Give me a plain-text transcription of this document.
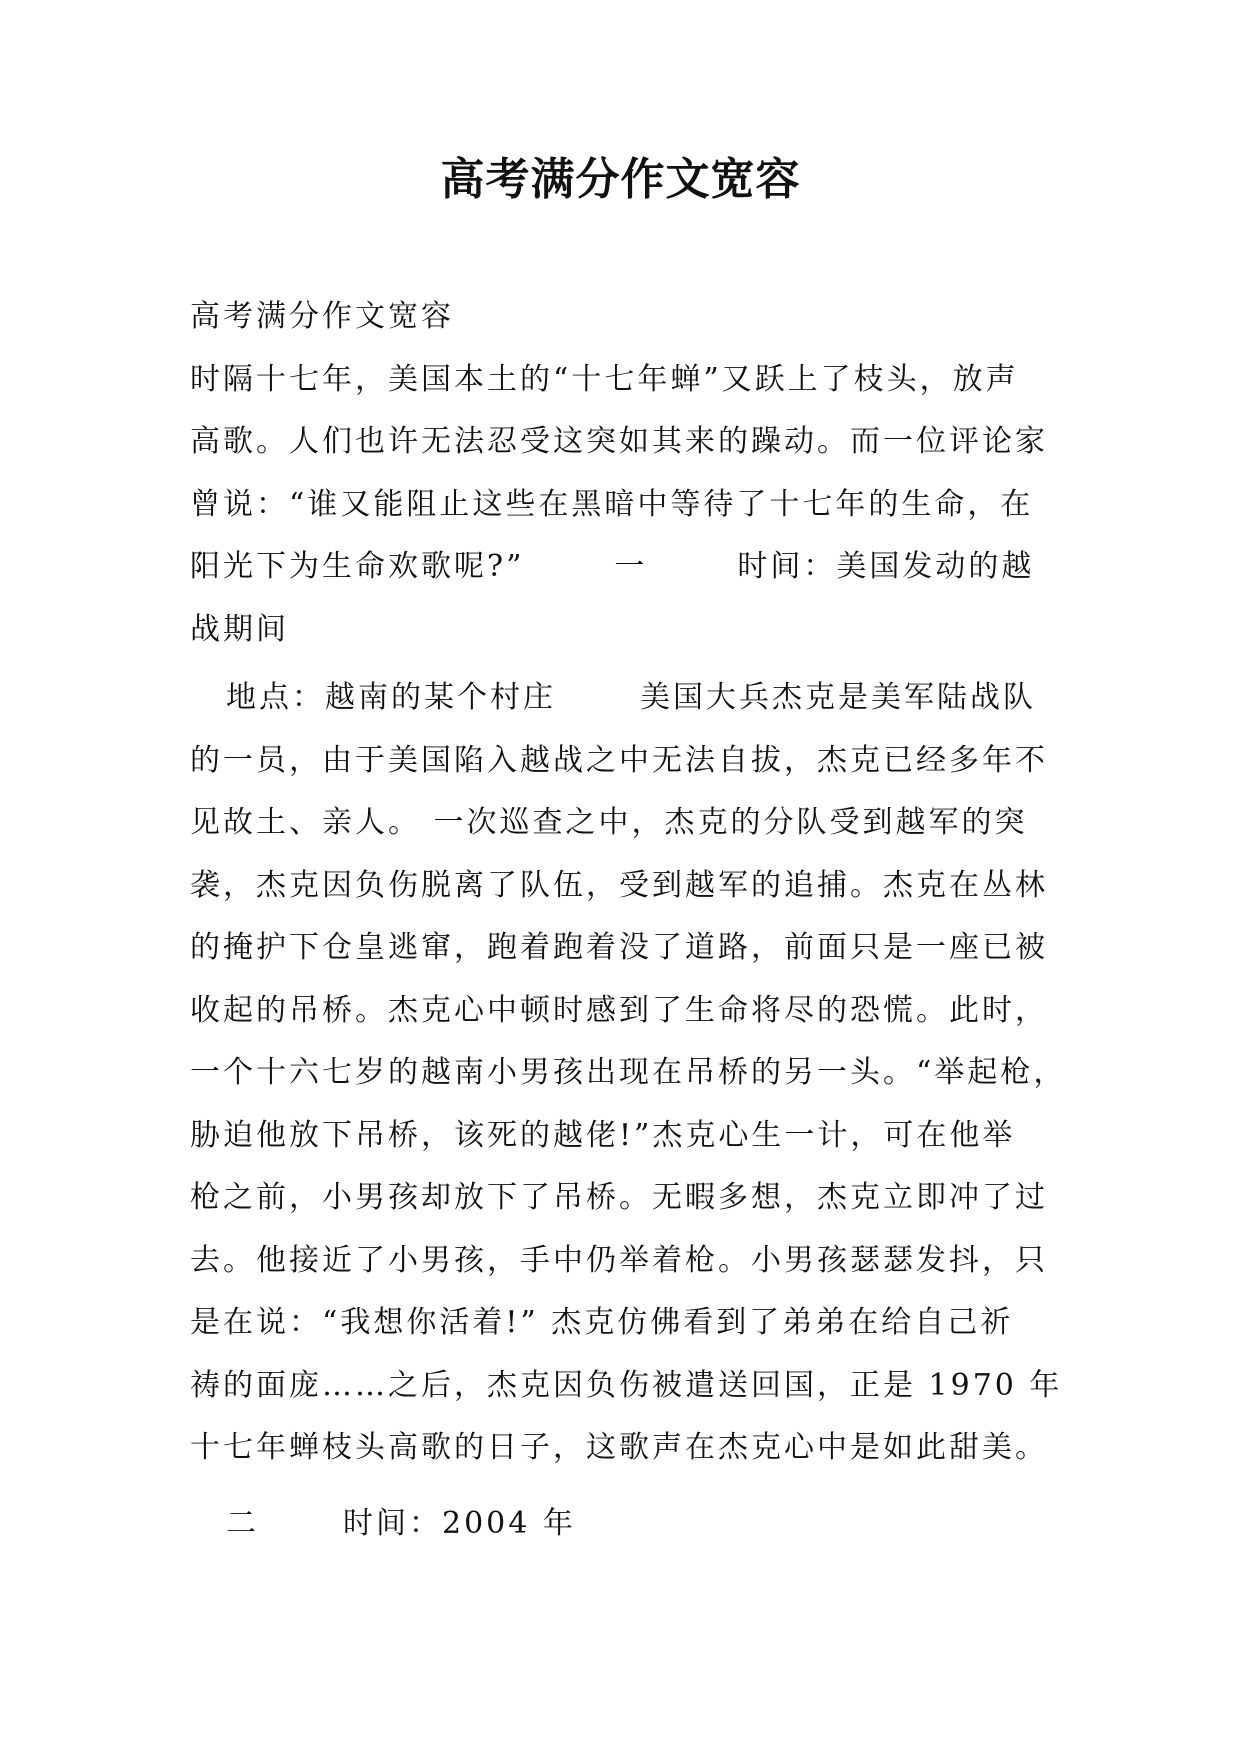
高考满分作文宽容
高考满分作文宽容
时隔十七年，美国本土的“十七年蝉”又跃上了枝头，放声
高歌。人们也许无法忍受这突如其来的躁动。而一位评论家
曾说：“谁又能阻止这些在黑暗中等待了十七年的生命，在
阳光下为生命欢歌呢?”	一	时间：美国发动的越
战期间
地点：越南的某个村庄	美国大兵杰克是美军陆战队
的一员，由于美国陷入越战之中无法自拔，杰克已经多年不
见故土、亲人。 一次巡查之中，杰克的分队受到越军的突
袭，杰克因负伤脱离了队伍，受到越军的追捕。杰克在丛林
的掩护下仓皇逃窜，跑着跑着没了道路，前面只是一座已被
收起的吊桥。杰克心中顿时感到了生命将尽的恐慌。此时，
一个十六七岁的越南小男孩出现在吊桥的另一头。“举起枪，
胁迫他放下吊桥，该死的越佬!”杰克心生一计，可在他举
枪之前，小男孩却放下了吊桥。无暇多想，杰克立即冲了过
去。他接近了小男孩，手中仍举着枪。小男孩瑟瑟发抖，只
是在说：“我想你活着!” 杰克仿佛看到了弟弟在给自己祈
祷的面庞……之后，杰克因负伤被遣送回国，正是 1970 年
十七年蝉枝头高歌的日子，这歌声在杰克心中是如此甜美。
二	时间：2004 年
